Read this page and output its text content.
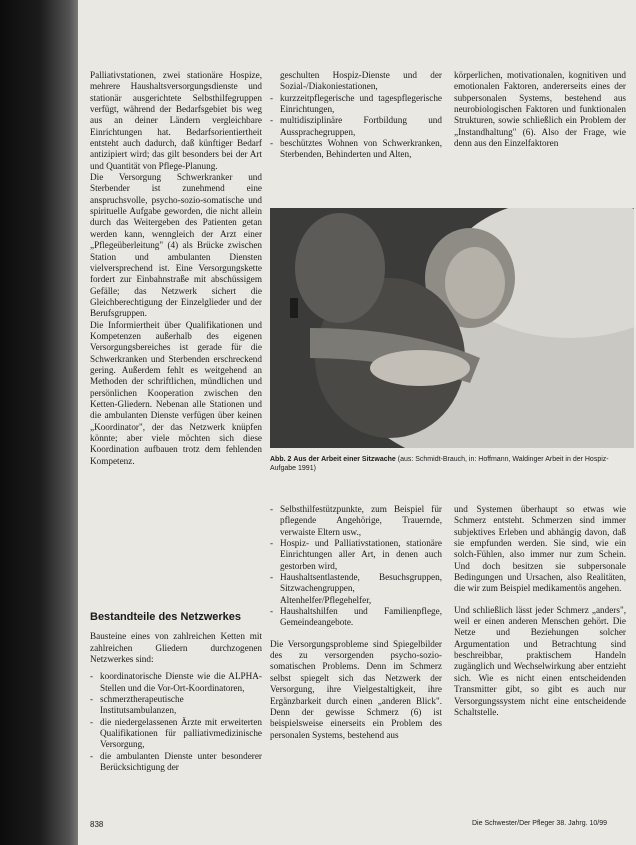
Palliativstationen, zwei stationäre Hospize, mehrere Haushaltsversorgungsdienste und stationär ausgerichtete Selbsthilfegruppen verfügt, während der Bedarfsgebiet bis weg aus an deiner Ländern vergleichbare Einrichtungen hat. Bedarfsorientiertheit entsteht auch dadurch, daß künftiger Bedarf antizipiert wird; das gilt besonders bei der Art und Quantität von Pflege-Planung.

Die Versorgung Schwerkranker und Sterbender ist zunehmend eine anspruchsvolle, psycho-sozio-somatische und spirituelle Aufgabe geworden, die nicht allein durch das Weitergeben des Patienten getan werden kann, wenngleich der Arzt einer „Pflegeüberleitung" (4) als Brücke zwischen Station und ambulanten Diensten vielversprechend ist. Eine Versorgungskette fordert zur Einbahnstraße mit abschüssigem Gefälle; das Netzwerk sichert die Gleichberechtigung der Einzelglieder und der Berufsgruppen.

Die Informiertheit über Qualifikationen und Kompetenzen außerhalb des eigenen Versorgungsbereiches ist gerade für die Schwerkranken und Sterbenden erschreckend gering. Außerdem fehlt es weitgehend an Methoden der schriftlichen, mündlichen und persönlichen Kooperation zwischen den Ketten-Gliedern. Nebenan alle Stationen und die ambulanten Dienste verfügen über keinen „Koordinator", der das Netzwerk knüpfen könnte; aber viele möchten sich diese Koordination aufbauen trotz dem fehlenden Kompetenz.

Bestandteile des Netzwerkes

Bausteine eines von zahlreichen Ketten mit zahlreichen Gliedern durchzogenen Netzwerkes sind:

- koordinatorische Dienste wie die ALPHA-Stellen und die Vor-Ort-Koordinatoren,
- schmerztherapeutische Institutsambulanzen,
- die niedergelassenen Ärzte mit erweiterten Qualifikationen für palliativmedizinische Versorgung,
- die ambulanten Dienste unter besonderer Berücksichtigung der

geschulten Hospiz-Dienste und der Sozial-/Diakoniestationen,

- kurzzeitpflegerische und tagespflegerische Einrichtungen,
- multidisziplinäre Fortbildung und Aussprachegruppen,
- beschütztes Wohnen von Schwerkranken, Sterbenden, Behinderten und Alten,

körperlichen, motivationalen, kognitiven und emotionalen Faktoren, andererseits eines der subpersonalen Systems, bestehend aus neurobiologischen Faktoren und funktionalen Strukturen, sowie schließlich ein Problem der „Instandhaltung" (6). Also der Frage, wie denn aus den Einzelfaktoren

Abb. 2 Aus der Arbeit einer Sitzwache (aus: Schmidt-Brauch, in: Hoffmann, Waldinger Arbeit in der Hospiz-Aufgabe 1991)
- Selbsthilfestützpunkte, zum Beispiel für pflegende Angehörige, Trauernde, verwaiste Eltern usw.,
- Hospiz- und Palliativstationen, stationäre Einrichtungen aller Art, in denen auch gestorben wird,
- Haushaltsentlastende, Besuchsgruppen, Sitzwachengruppen, Altenhelfer/Pflegehelfer,
- Haushaltshilfen und Familienpflege, Gemeindeangebote.

Die Versorgungsprobleme sind Spiegelbilder des zu versorgenden psycho-sozio-somatischen Problems. Denn im Schmerz selbst spiegelt sich das Netzwerk der Versorgung, ihre Vielgestaltigkeit, ihre Ergänzbarkeit durch einen „anderen Blick". Denn der gewisse Schmerz (6) ist beispielsweise einerseits ein Problem des personalen Systems, bestehend aus

und Systemen überhaupt so etwas wie Schmerz entsteht. Schmerzen sind immer subjektives Erleben und abhängig davon, daß sie empfunden werden. Sie sind, wie ein solch-Fühlen, also immer nur zum Schein. Und doch besitzen sie subpersonale Bedingungen und Ursachen, also Realitäten, die wir zum Beispiel medikamentös angehen.

Und schließlich lässt jeder Schmerz „anders", weil er einen anderen Menschen gehört. Die Netze und Beziehungen solcher Argumentation und Betrachtung sind beschreibbar, praktischem Handeln zugänglich und Wechselwirkung aber entzieht sich. Wie es nicht einen entscheidenden Transmitter gibt, so gibt es auch nur Versorgungssystem nicht eine entscheidende Schaltstelle.

838	Die Schwester/Der Pfleger 38. Jahrg. 10/99
